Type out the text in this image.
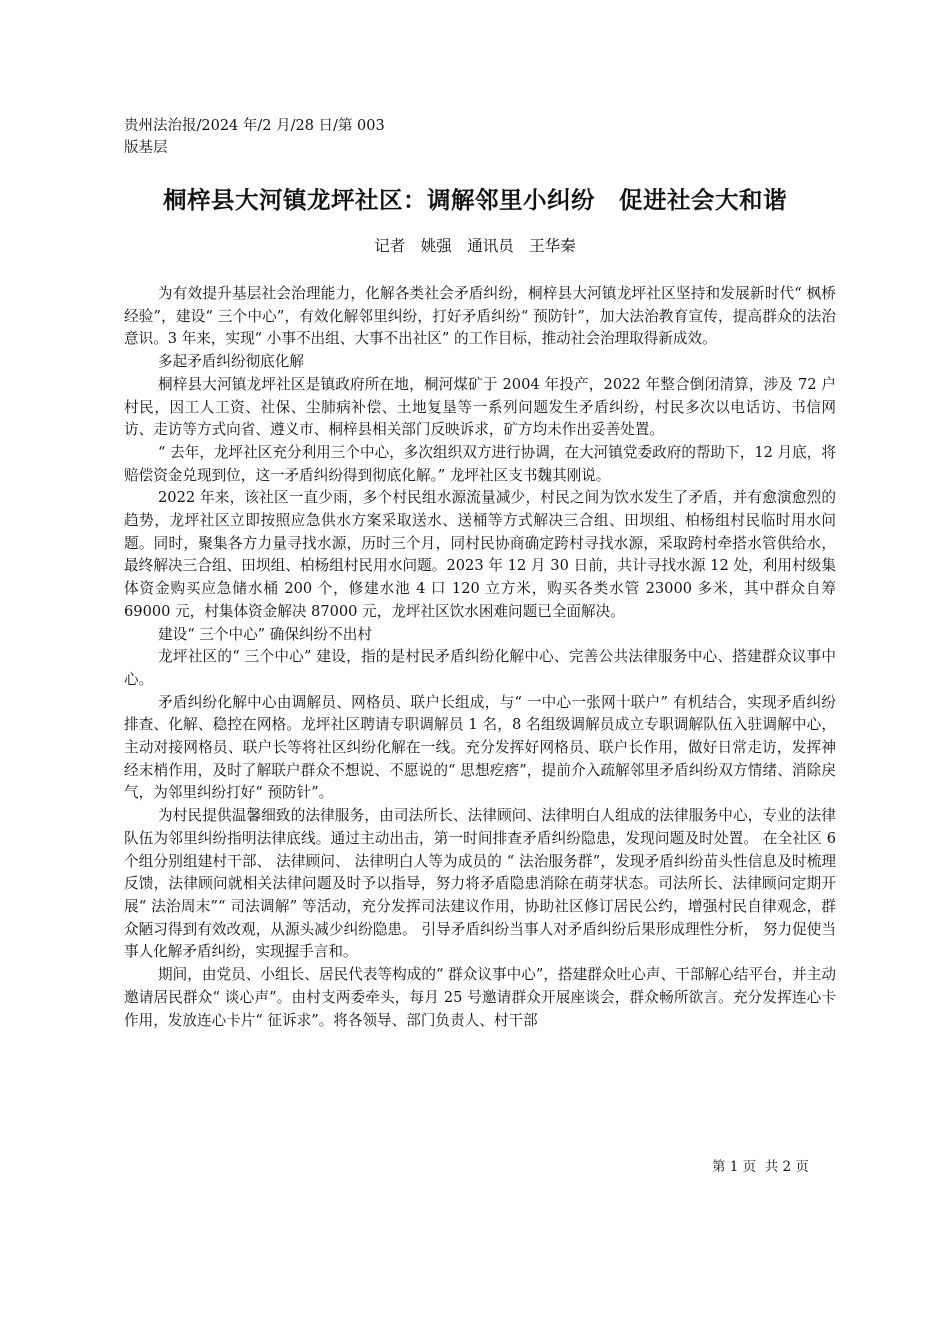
贵州法治报/2024 年/2 月/28 日/第 003
版基层
桐梓县大河镇龙坪社区：调解邻里小纠纷　促进社会大和谐
记者　姚强　通讯员　王华秦

为有效提升基层社会治理能力，化解各类社会矛盾纠纷，桐梓县大河镇龙坪社区坚持和发展新时代“ 枫桥经验”，建设“ 三个中心”，有效化解邻里纠纷，打好矛盾纠纷“ 预防针”，加大法治教育宣传，提高群众的法治意识。3 年来，实现“ 小事不出组、大事不出社区” 的工作目标，推动社会治理取得新成效。

多起矛盾纠纷彻底化解

桐梓县大河镇龙坪社区是镇政府所在地，桐河煤矿于 2004 年投产，2022 年整合倒闭清算，涉及 72 户村民，因工人工资、社保、尘肺病补偿、土地复垦等一系列问题发生矛盾纠纷，村民多次以电话访、书信网访、走访等方式向省、遵义市、桐梓县相关部门反映诉求，矿方均未作出妥善处置。

“ 去年，龙坪社区充分利用三个中心，多次组织双方进行协调，在大河镇党委政府的帮助下，12 月底，将赔偿资金兑现到位，这一矛盾纠纷得到彻底化解。” 龙坪社区支书魏其刚说。

2022 年来，该社区一直少雨，多个村民组水源流量减少，村民之间为饮水发生了矛盾，并有愈演愈烈的趋势，龙坪社区立即按照应急供水方案采取送水、送桶等方式解决三合组、田坝组、柏杨组村民临时用水问题。同时，聚集各方力量寻找水源，历时三个月，同村民协商确定跨村寻找水源，采取跨村牵搭水管供给水，最终解决三合组、田坝组、柏杨组村民用水问题。2023 年 12 月 30 日前，共计寻找水源 12 处，利用村级集体资金购买应急储水桶 200 个，修建水池 4 口 120 立方米，购买各类水管 23000 多米，其中群众自筹 69000 元，村集体资金解决 87000 元，龙坪社区饮水困难问题已全面解决。

建设“ 三个中心” 确保纠纷不出村

龙坪社区的“ 三个中心” 建设，指的是村民矛盾纠纷化解中心、完善公共法律服务中心、搭建群众议事中心。

矛盾纠纷化解中心由调解员、网格员、联户长组成，与“ 一中心一张网十联户” 有机结合，实现矛盾纠纷排查、化解、稳控在网格。龙坪社区聘请专职调解员 1 名，8 名组级调解员成立专职调解队伍入驻调解中心，主动对接网格员、联户长等将社区纠纷化解在一线。充分发挥好网格员、联户长作用，做好日常走访，发挥神经末梢作用，及时了解联户群众不想说、不愿说的“ 思想疙瘩”，提前介入疏解邻里矛盾纠纷双方情绪、消除戾气，为邻里纠纷打好“ 预防针”。

为村民提供温馨细致的法律服务，由司法所长、法律顾问、法律明白人组成的法律服务中心，专业的法律队伍为邻里纠纷指明法律底线。通过主动出击，第一时间排查矛盾纠纷隐患，发现问题及时处置。 在全社区 6 个组分别组建村干部、 法律顾问、 法律明白人等为成员的 “ 法治服务群”，发现矛盾纠纷苗头性信息及时梳理反馈，法律顾问就相关法律问题及时予以指导，努力将矛盾隐患消除在萌芽状态。司法所长、法律顾问定期开展“ 法治周末”“ 司法调解” 等活动，充分发挥司法建议作用，协助社区修订居民公约，增强村民自律观念，群众陋习得到有效改观，从源头减少纠纷隐患。 引导矛盾纠纷当事人对矛盾纠纷后果形成理性分析， 努力促使当事人化解矛盾纠纷，实现握手言和。

期间，由党员、小组长、居民代表等构成的“ 群众议事中心”，搭建群众吐心声、干部解心结平台，并主动邀请居民群众“ 谈心声”。由村支两委牵头，每月 25 号邀请群众开展座谈会，群众畅所欲言。充分发挥连心卡作用，发放连心卡片“ 征诉求”。将各领导、部门负责人、村干部

第 1 页  共 2 页
